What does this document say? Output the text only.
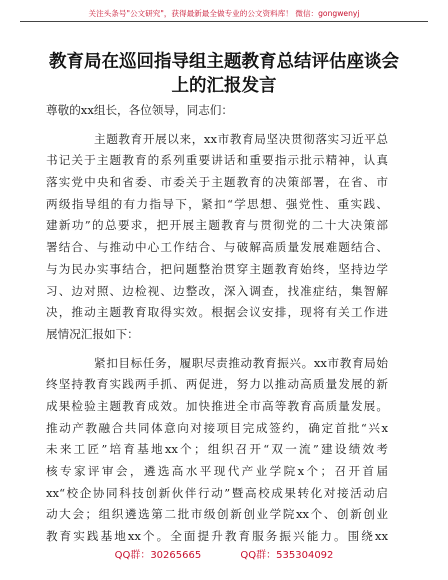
关注头条号"公文研究"，获得最新最全做专业的公文资料库！ 微信：gongwenyj
教育局在巡回指导组主题教育总结评估座谈会
上的汇报发言
尊敬的xx组长，各位领导，同志们：
主题教育开展以来，xx市教育局坚决贯彻落实习近平总
书记关于主题教育的系列重要讲话和重要指示批示精神，认真
落实党中央和省委、市委关于主题教育的决策部署，在省、市
两级指导组的有力指导下，紧扣“学思想、强党性、重实践、
建新功”的总要求，把开展主题教育与贯彻党的二十大决策部
署结合、与推动中心工作结合、与破解高质量发展难题结合、
与为民办实事结合，把问题整治贯穿主题教育始终，坚持边学
习、边对照、边检视、边整改，深入调查，找准症结，集智解
决，推动主题教育取得实效。根据会议安排，现将有关工作进
展情况汇报如下：
紧扣目标任务，履职尽责推动教育振兴。xx市教育局始
终坚持教育实践两手抓、两促进，努力以推动高质量发展的新
成果检验主题教育成效。加快推进全市高等教育高质量发展。
推动产教融合共同体意向对接项目完成签约，确定首批“兴x
未来工匠”培育基地xx个；组织召开“双一流”建设绩效考
核专家评审会，遴选高水平现代产业学院x个；召开首届
xx“校企协同科技创新伙伴行动”暨高校成果转化对接活动启
动大会；组织遴选第二批市级创新创业学院xx个、创新创业
教育实践基地xx个。全面提升教育服务振兴能力。围绕xx
QQ群：30265665	QQ群：535304092
